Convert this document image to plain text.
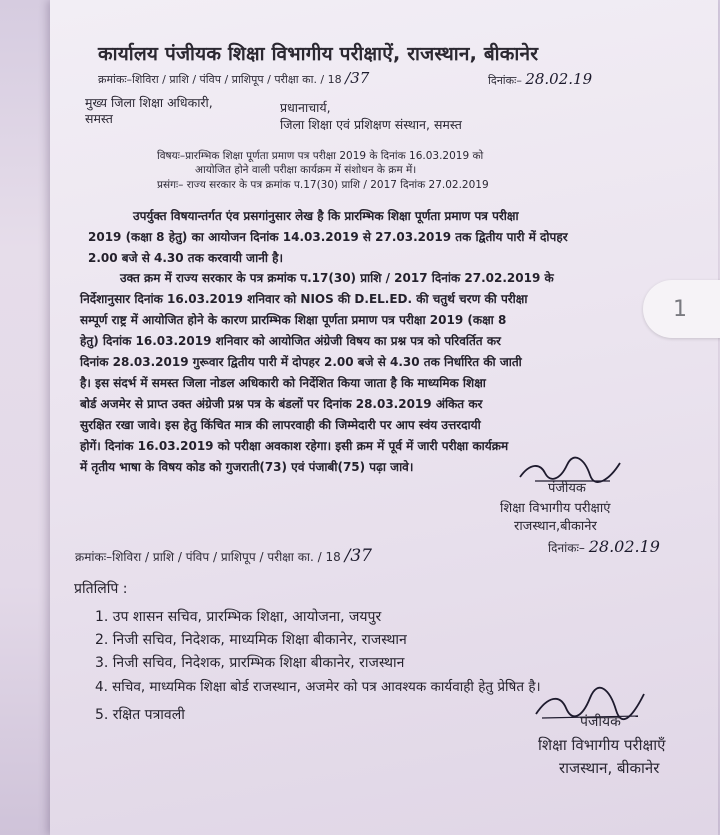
कार्यालय पंजीयक शिक्षा विभागीय परीक्षाऐं, राजस्थान, बीकानेर
क्रमांकः–शिविरा / प्राशि / पंविप / प्राशिपूप / परीक्षा का. / 18 /37	दिनांकः– 28.02.19
मुख्य जिला शिक्षा अधिकारी,
समस्त
प्रधानाचार्य,
जिला शिक्षा एवं प्रशिक्षण संस्थान, समस्त
विषयः–प्रारम्भिक शिक्षा पूर्णता प्रमाण पत्र परीक्षा 2019 के दिनांक 16.03.2019 को
आयोजित होने वाली परीक्षा कार्यक्रम में संशोधन के क्रम में।
प्रसंगः– राज्य सरकार के पत्र क्रमांक प.17(30) प्राशि / 2017 दिनांक 27.02.2019

उपर्युक्त विषयान्तर्गत एंव प्रसगांनुसार लेख है कि प्रारम्भिक शिक्षा पूर्णता प्रमाण पत्र परीक्षा

2019 (कक्षा 8 हेतु) का आयोजन दिनांक 14.03.2019 से 27.03.2019 तक द्वितीय पारी में दोपहर

2.00 बजे से 4.30 तक करवायी जानी है।

उक्त क्रम में राज्य सरकार के पत्र क्रमांक प.17(30) प्राशि / 2017 दिनांक 27.02.2019 के

निर्देशानुसार दिनांक 16.03.2019 शनिवार को NIOS की D.EL.ED. की चतुर्थ चरण की परीक्षा

सम्पूर्ण राष्ट्र में आयोजित होने के कारण प्रारम्भिक शिक्षा पूर्णता प्रमाण पत्र परीक्षा 2019 (कक्षा 8

हेतु) दिनांक 16.03.2019 शनिवार को आयोजित अंग्रेजी विषय का प्रश्न पत्र को परिवर्तित कर

दिनांक 28.03.2019 गुरूवार द्वितीय पारी में दोपहर 2.00 बजे से 4.30 तक निर्धारित की जाती

है। इस संदर्भ में समस्त जिला नोडल अधिकारी को निर्देशित किया जाता है कि माध्यमिक शिक्षा

बोर्ड अजमेर से प्राप्त उक्त अंग्रेजी प्रश्न पत्र के बंडलों पर दिनांक 28.03.2019 अंकित कर

सुरक्षित रखा जावे। इस हेतु किंचित मात्र की लापरवाही की जिम्मेदारी पर आप स्वंय उत्तरदायी

होगें। दिनांक 16.03.2019 को परीक्षा अवकाश रहेगा। इसी क्रम में पूर्व में जारी परीक्षा कार्यक्रम

में तृतीय भाषा के विषय कोड को गुजराती(73) एवं पंजाबी(75) पढ़ा जावे।

पंजीयक
शिक्षा विभागीय परीक्षाएं
राजस्थान,बीकानेर
दिनांकः– 28.02.19
क्रमांकः–शिविरा / प्राशि / पंविप / प्राशिपूप / परीक्षा का. / 18 /37
प्रतिलिपि :
1. उप शासन सचिव, प्रारम्भिक शिक्षा, आयोजना, जयपुर
2. निजी सचिव, निदेशक, माध्यमिक शिक्षा बीकानेर, राजस्थान
3. निजी सचिव, निदेशक, प्रारम्भिक शिक्षा बीकानेर, राजस्थान
4. सचिव, माध्यमिक शिक्षा बोर्ड राजस्थान, अजमेर को पत्र आवश्यक कार्यवाही हेतु प्रेषित है।
5. रक्षित पत्रावली	पंजीयक
शिक्षा विभागीय परीक्षाएँ
राजस्थान, बीकानेर
1
